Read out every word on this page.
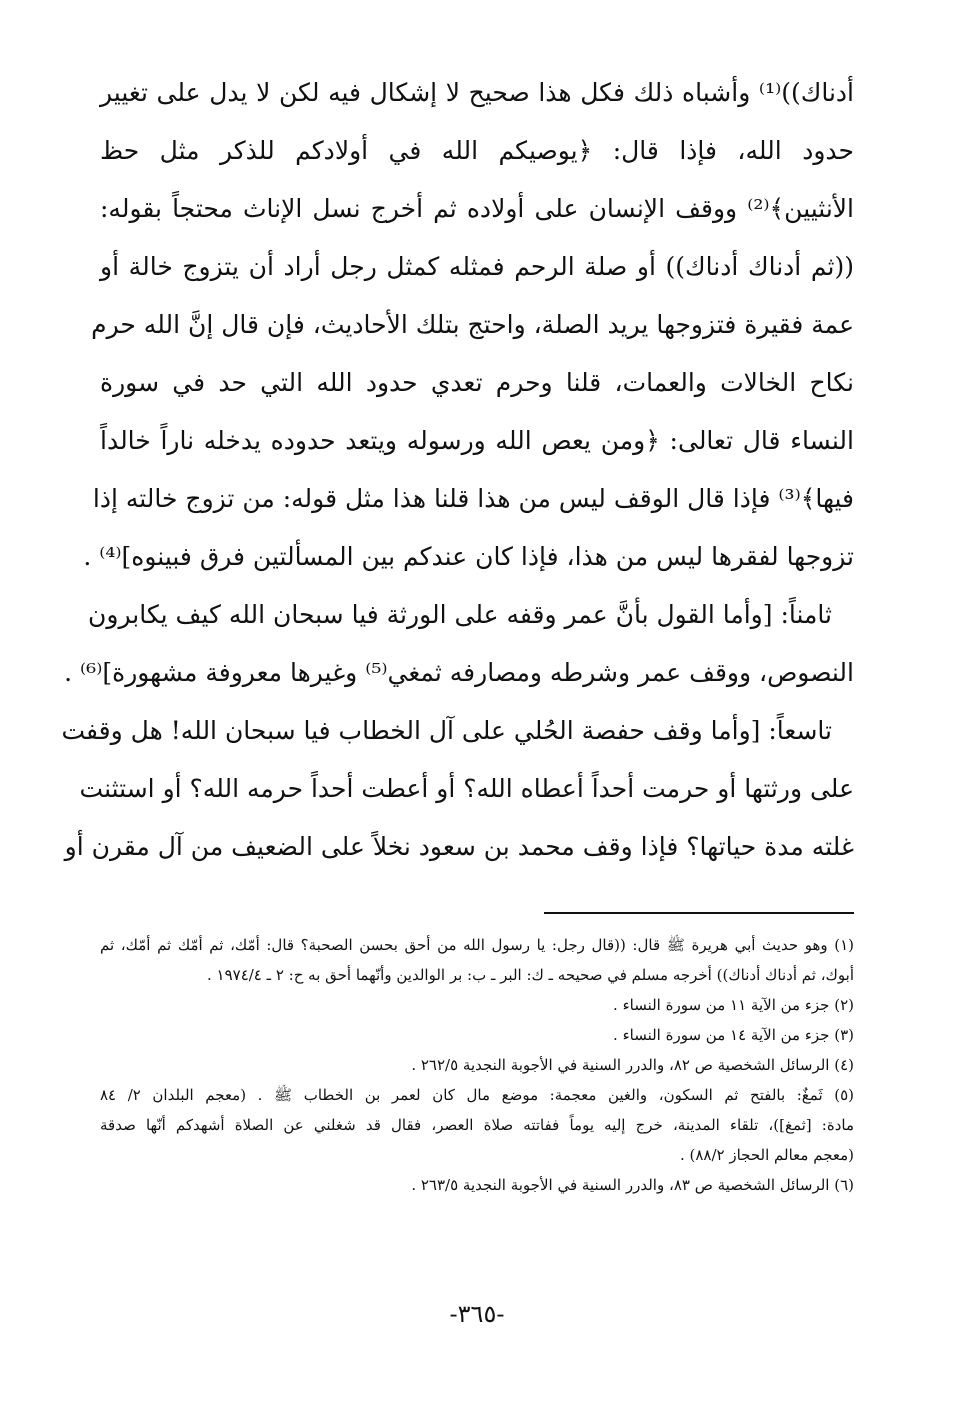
أدناك))⁽¹⁾ وأشباه ذلك فكل هذا صحيح لا إشكال فيه لكن لا يدل على تغيير
حدود الله، فإذا قال: ﴿يوصيكم الله في أولادكم للذكر مثل حظ
الأنثيين﴾⁽²⁾ ووقف الإنسان على أولاده ثم أخرج نسل الإناث محتجاً بقوله:
((ثم أدناك أدناك)) أو صلة الرحم فمثله كمثل رجل أراد أن يتزوج خالة أو
عمة فقيرة فتزوجها يريد الصلة، واحتج بتلك الأحاديث، فإن قال إنَّ الله حرم
نكاح الخالات والعمات، قلنا وحرم تعدي حدود الله التي حد في سورة
النساء قال تعالى: ﴿ومن يعص الله ورسوله ويتعد حدوده يدخله ناراً خالداً
فيها﴾⁽³⁾ فإذا قال الوقف ليس من هذا قلنا هذا مثل قوله: من تزوج خالته إذا
تزوجها لفقرها ليس من هذا، فإذا كان عندكم بين المسألتين فرق فبينوه]⁽⁴⁾ .
ثامناً: [وأما القول بأنَّ عمر وقفه على الورثة فيا سبحان الله كيف يكابرون
النصوص، ووقف عمر وشرطه ومصارفه ثمغي⁽⁵⁾ وغيرها معروفة مشهورة]⁽⁶⁾ .
تاسعاً: [وأما وقف حفصة الحُلي على آل الخطاب فيا سبحان الله! هل وقفت
على ورثتها أو حرمت أحداً أعطاه الله؟ أو أعطت أحداً حرمه الله؟ أو استثنت
غلته مدة حياتها؟ فإذا وقف محمد بن سعود نخلاً على الضعيف من آل مقرن أو
(١) وهو حديث أبي هريرة ﷺ قال: ((قال رجل: يا رسول الله من أحق بحسن الصحبة؟ قال: أمّك، ثم أمّك ثم أمّك، ثم
أبوك، ثم أدناك أدناك)) أخرجه مسلم في صحيحه ـ ك: البر ـ ب: بر الوالدين وأنّهما أحق به ح: ٢ ـ ١٩٧٤/٤ .
(٢) جزء من الآية ١١ من سورة النساء .
(٣) جزء من الآية ١٤ من سورة النساء .
(٤) الرسائل الشخصية ص ٨٢، والدرر السنية في الأجوبة النجدية ٢٦٢/٥ .
(٥) ثَمغٌ: بالفتح ثم السكون، والغين معجمة: موضع مال كان لعمر بن الخطاب ﷺ . (معجم البلدان ٢/ ٨٤
مادة: [ثمغ])، تلقاء المدينة، خرج إليه يوماً ففاتته صلاة العصر، فقال قد شغلني عن الصلاة أشهدكم أنّها صدقة
(معجم معالم الحجاز ٨٨/٢) .
(٦) الرسائل الشخصية ص ٨٣، والدرر السنية في الأجوبة النجدية ٢٦٣/٥ .
-٣٦٥-
